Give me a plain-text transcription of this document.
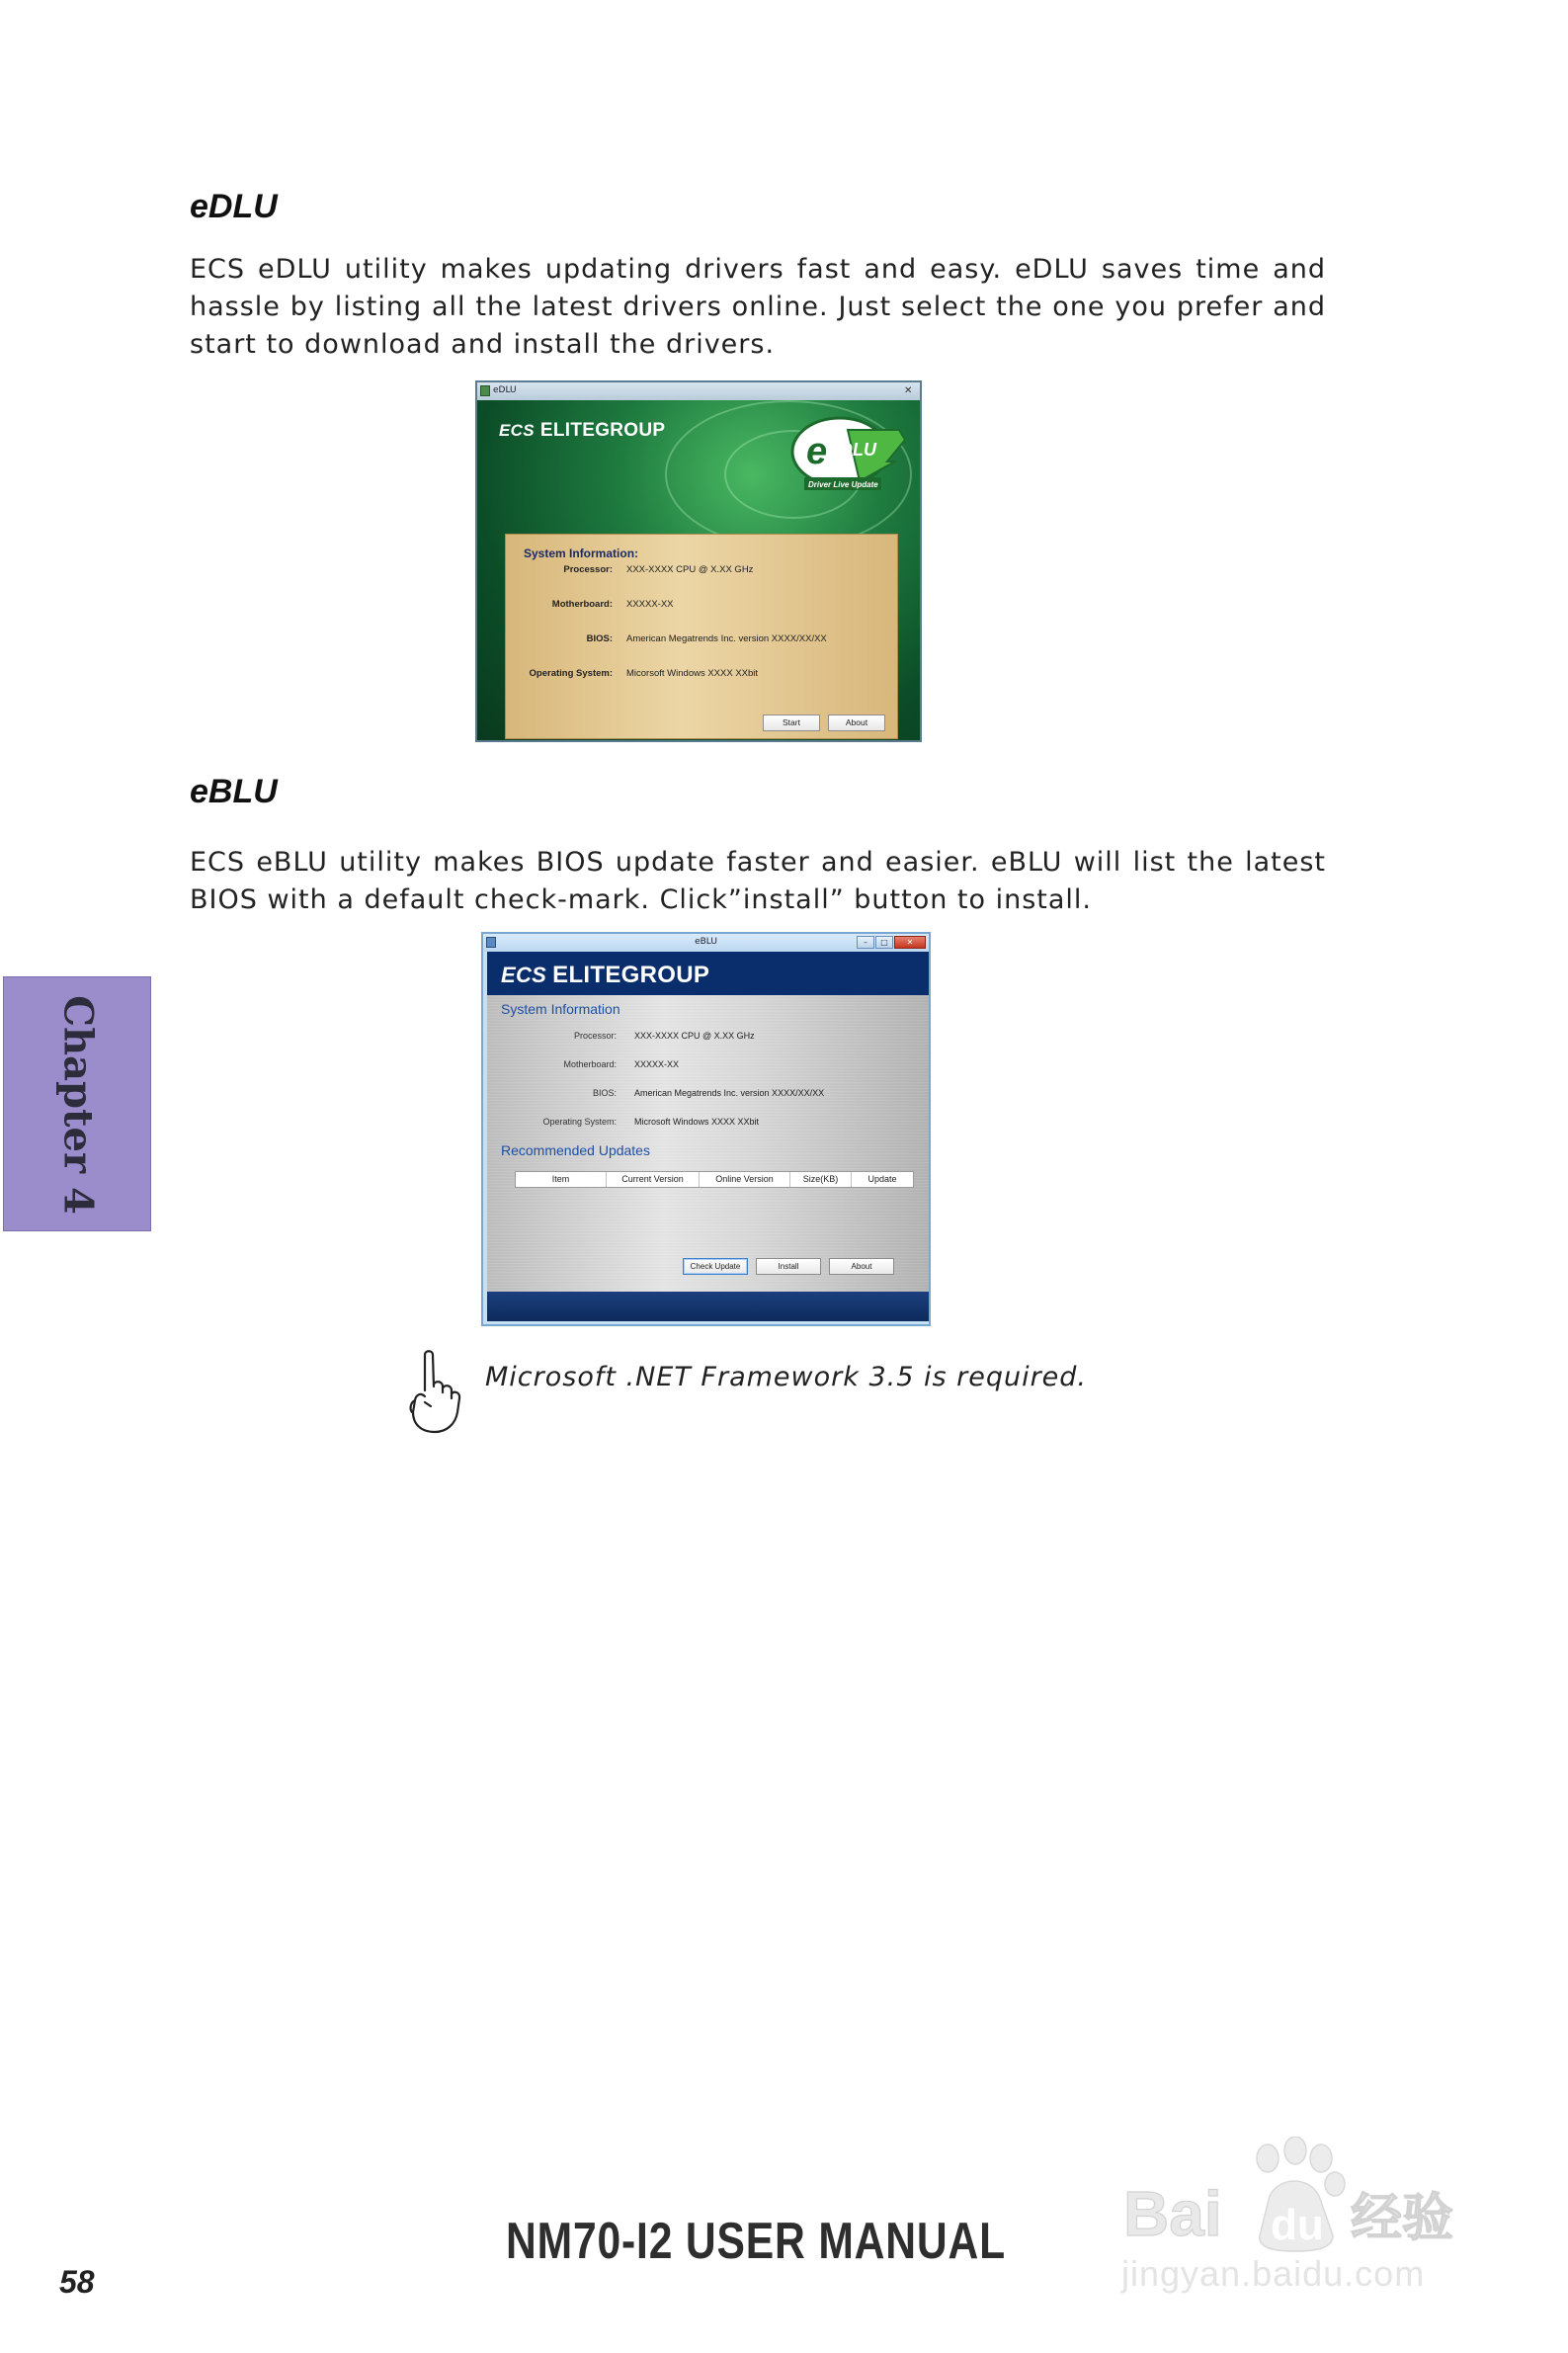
eDLU
ECS eDLU utility makes updating drivers fast and easy. eDLU saves time and hassle by listing all the latest drivers online. Just select the one you prefer and start to download and install the drivers.
eDLU	✕
ECS ELITEGROUP
e DLU
Driver Live Update
System Information:
Processor: XXX-XXXX CPU @ X.XX GHz
Motherboard: XXXXX-XX
BIOS: American Megatrends Inc. version XXXX/XX/XX
Operating System: Micorsoft Windows XXXX XXbit
Start	About
eBLU
ECS eBLU utility makes BIOS update faster and easier. eBLU will list the latest BIOS with a default check-mark. Click”install” button to install.
eBLU	–	□	✕
ECS ELITEGROUP
System Information
Processor: XXX-XXXX CPU @ X.XX GHz
Motherboard: XXXXX-XX
BIOS: American Megatrends Inc. version XXXX/XX/XX
Operating System: Microsoft Windows XXXX XXbit
Recommended Updates
Item	Current Version	Online Version	Size(KB)	Update
Check Update	Install	About
Microsoft .NET Framework 3.5 is required.
Chapter 4
NM70-I2 USER MANUAL
58
Bai du 经验
jingyan.baidu.com
